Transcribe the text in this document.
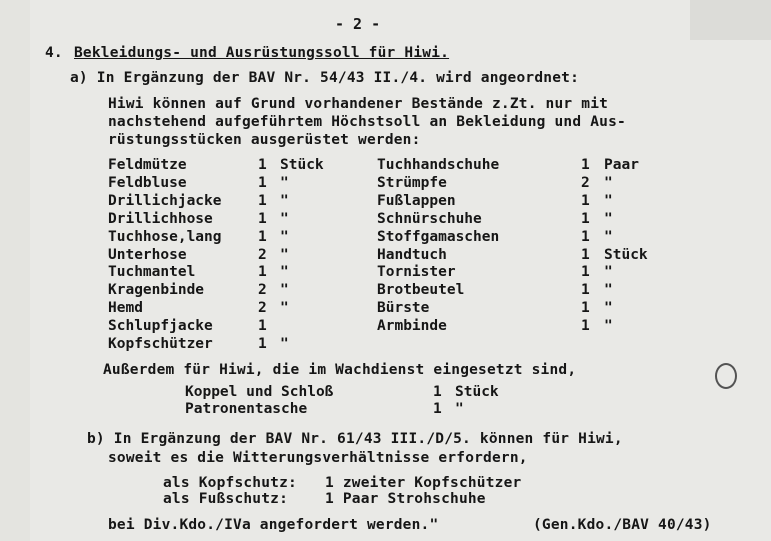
- 2 -
4. Bekleidungs- und Ausrüstungssoll für Hiwi.
a) In Ergänzung der BAV Nr. 54/43 II./4. wird angeordnet:
Hiwi können auf Grund vorhandener Bestände z.Zt. nur mit
nachstehend aufgeführtem Höchstsoll an Bekleidung und Aus-
rüstungsstücken ausgerüstet werden:
Feldmütze	1 Stück
Feldbluse	1 "
Drillichjacke	1 "
Drillichhose	1 "
Tuchhose,lang	1 "
Unterhose	2 "
Tuchmantel	1 "
Kragenbinde	2 "
Hemd	2 "
Schlupfjacke	1
Kopfschützer	1 "
Tuchhandschuhe	1 Paar
Strümpfe	2 "
Fußlappen	1 "
Schnürschuhe	1 "
Stoffgamaschen	1 "
Handtuch	1 Stück
Tornister	1 "
Brotbeutel	1 "
Bürste	1 "
Armbinde	1 "
Außerdem für Hiwi, die im Wachdienst eingesetzt sind,
Koppel und Schloß	1 Stück
Patronentasche	1 "
b) In Ergänzung der BAV Nr. 61/43 III./D/5. können für Hiwi,
soweit es die Witterungsverhältnisse erfordern,
als Kopfschutz: 1 zweiter Kopfschützer
als Fußschutz:	1 Paar Strohschuhe
bei Div.Kdo./IVa angefordert werden."	(Gen.Kdo./BAV 40/43)
